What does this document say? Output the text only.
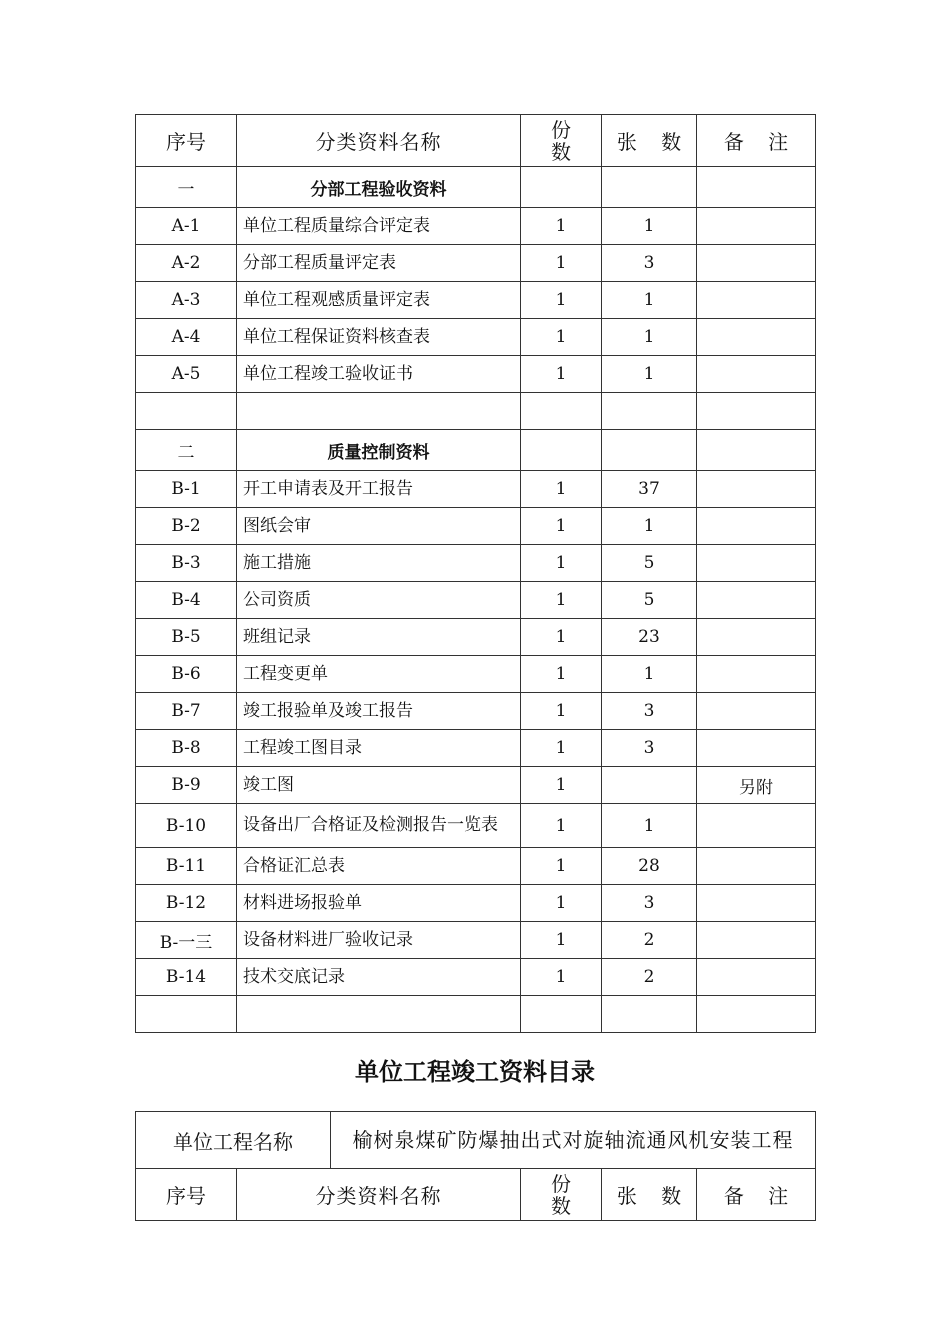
序号	分类资料名称	份数	张 数	备 注
一	分部工程验收资料			
A-1	单位工程质量综合评定表	1	1	
A-2	分部工程质量评定表	1	3	
A-3	单位工程观感质量评定表	1	1	
A-4	单位工程保证资料核查表	1	1	
A-5	单位工程竣工验收证书	1	1	

二	质量控制资料			
B-1	开工申请表及开工报告	1	37	
B-2	图纸会审	1	1	
B-3	施工措施	1	5	
B-4	公司资质	1	5	
B-5	班组记录	1	23	
B-6	工程变更单	1	1	
B-7	竣工报验单及竣工报告	1	3	
B-8	工程竣工图目录	1	3	
B-9	竣工图	1		另附
B-10	设备出厂合格证及检测报告一览表	1	1	
B-11	合格证汇总表	1	28	
B-12	材料进场报验单	1	3	
B-一三	设备材料进厂验收记录	1	2	
B-14	技术交底记录	1	2	

单位工程竣工资料目录
单位工程名称	榆树泉煤矿防爆抽出式对旋轴流通风机安装工程
序号	分类资料名称	份数	张 数	备 注
